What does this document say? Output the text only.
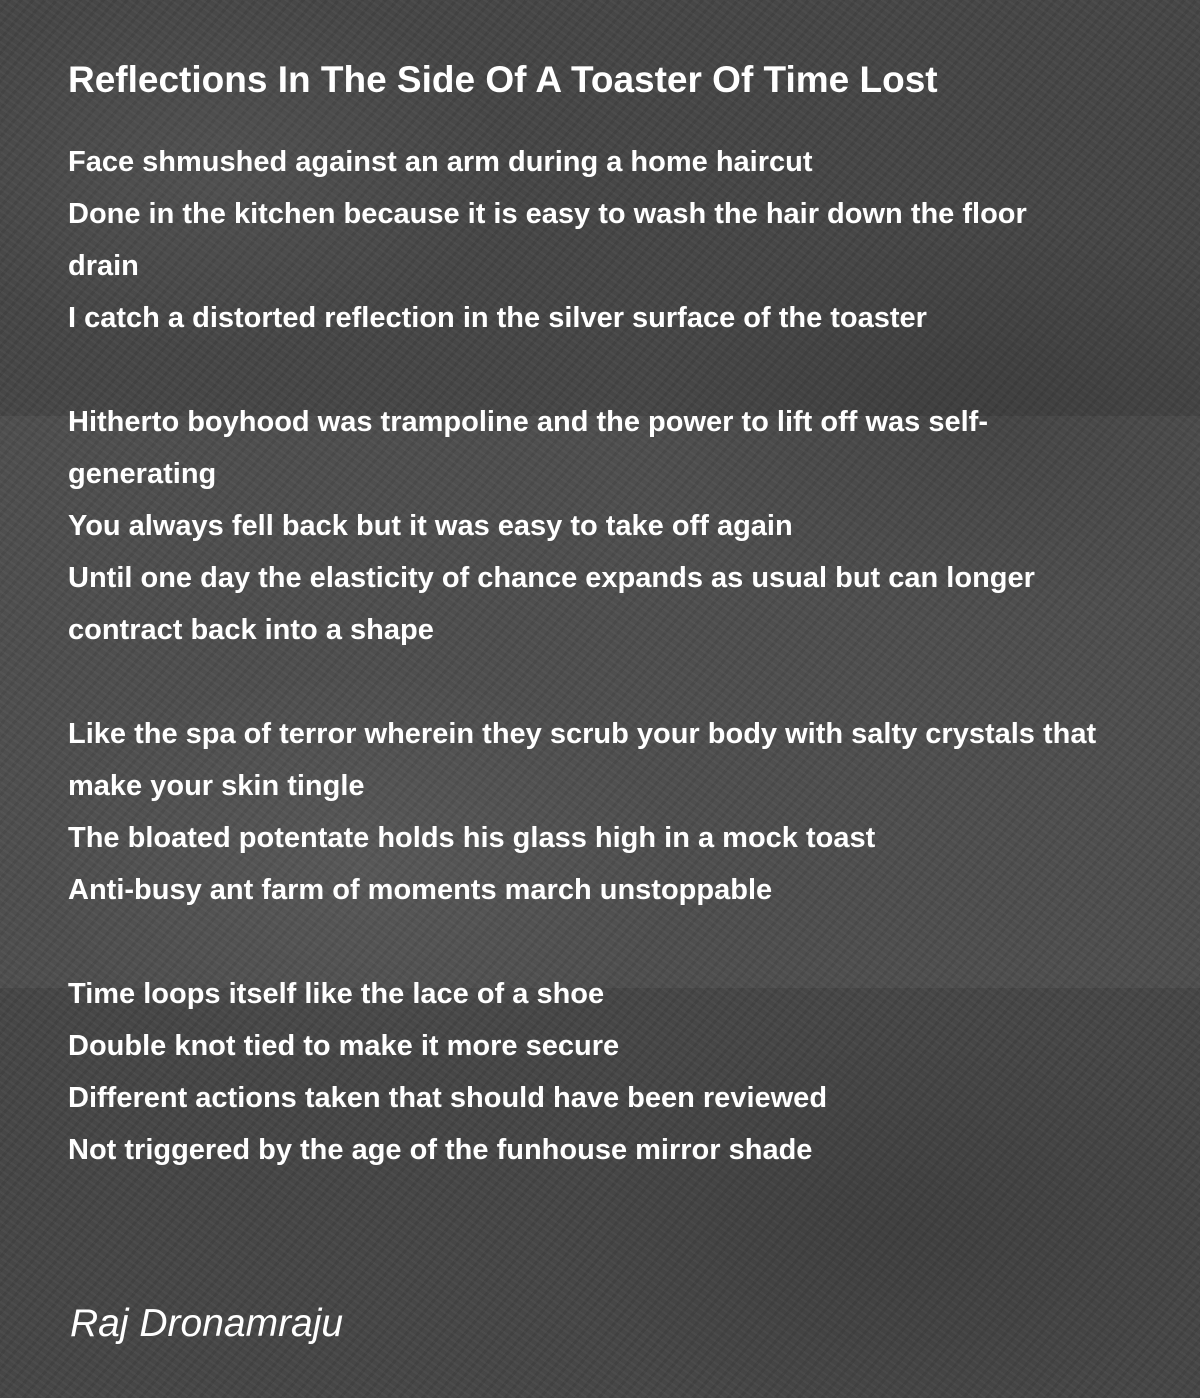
Reflections In The Side Of A Toaster Of Time Lost
Face shmushed against an arm during a home haircut
Done in the kitchen because it is easy to wash the hair down the floor drain
I catch a distorted reflection in the silver surface of the toaster
Hitherto boyhood was trampoline and the power to lift off was self- generating
You always fell back but it was easy to take off again
Until one day the elasticity of chance expands as usual but can longer contract back into a shape
Like the spa of terror wherein they scrub your body with salty crystals that make your skin tingle
The bloated potentate holds his glass high in a mock toast
Anti-busy ant farm of moments march unstoppable
Time loops itself like the lace of a shoe
Double knot tied to make it more secure
Different actions taken that should have been reviewed
Not triggered by the age of the funhouse mirror shade
Raj Dronamraju
